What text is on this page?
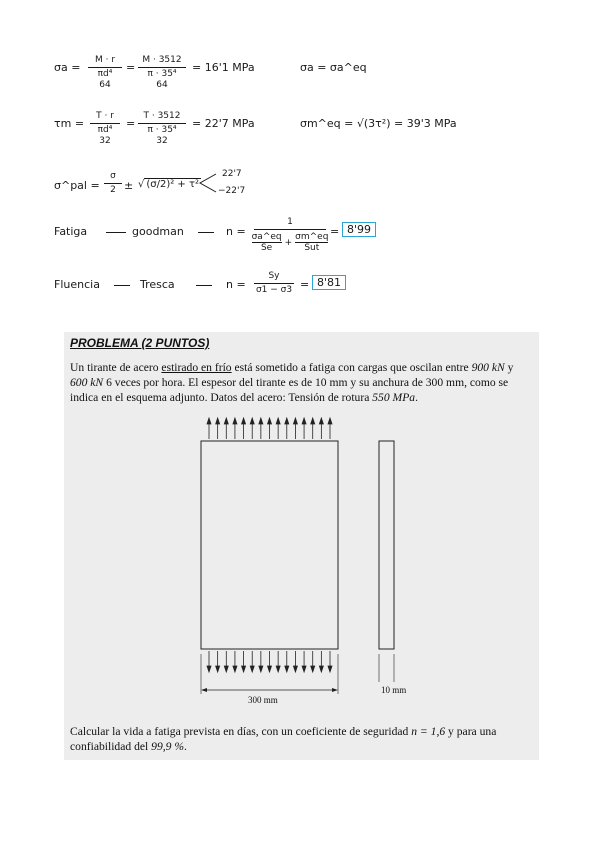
σa =
M · r
πd⁴
64
=
M · 3512
π · 35⁴
64
= 16'1 MPa	σa = σa^eq
τm =
T · r
πd⁴
32
=
T · 3512
π · 35⁴
32
= 22'7 MPa	σm^eq = √(3τ²) = 39'3 MPa
σ^pal = $\frac{\sigma}{2}$ ± √ (σ/2)² + τ²
22'7
−22'7
Fatiga	goodman	n =
1
$\frac{\sigma a\^{}eq}{Se}$ +
σm^eq
Sut
= 8'99
Fluencia	Tresca	$n = \frac{Sy}{\sigma 1 - \sigma 3} = 8'81$
PROBLEMA (2 PUNTOS)
Un tirante de acero estirado en frío está sometido a fatiga con cargas que oscilan entre 900 kN y 600 kN 6 veces por hora. El espesor del tirante es de 10 mm y su anchura de 300 mm, como se indica en el esquema adjunto. Datos del acero: Tensión de rotura 550 MPa.
300 mm
10 mm
Calcular la vida a fatiga prevista en días, con un coeficiente de seguridad n = 1,6 y para una confiabilidad del 99,9 %.
